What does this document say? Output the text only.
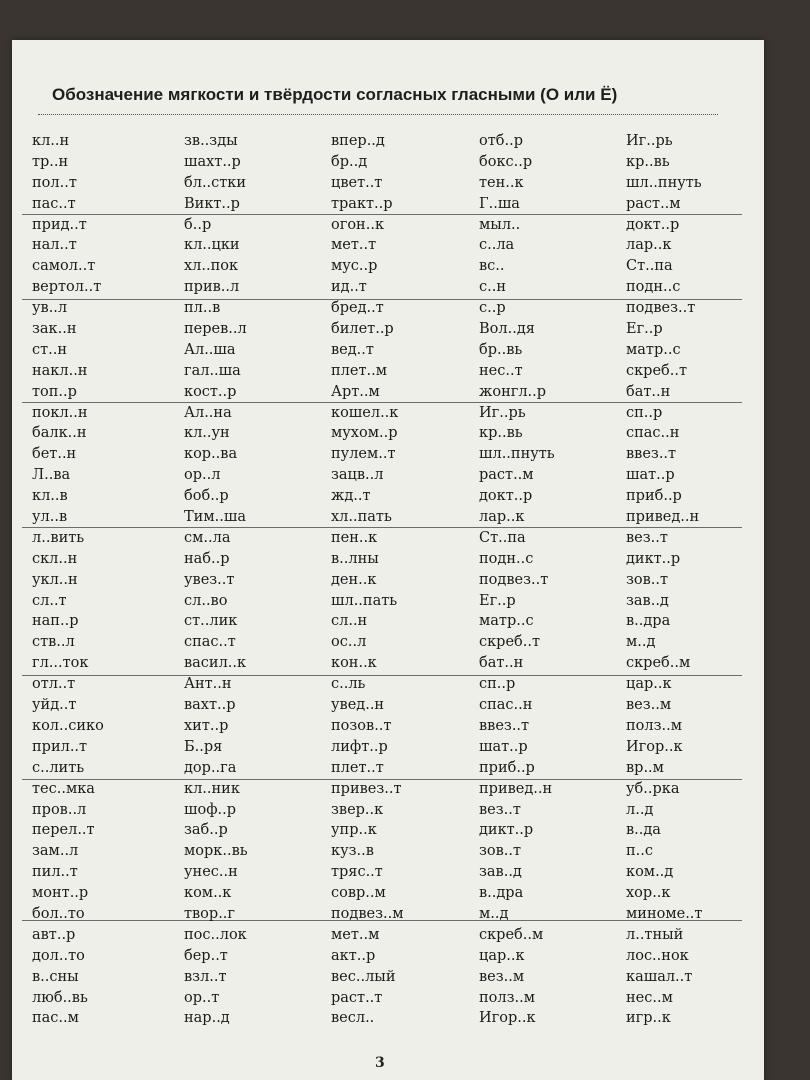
Обозначение мягкости и твёрдости согласных гласными (О или Ё)
кл..н
тр..н
пол..т
пас..т
прид..т
нал..т
самол..т
вертол..т
ув..л
зак..н
ст..н
накл..н
топ..р
покл..н
балк..н
бет..н
Л..ва
кл..в
ул..в
л..вить
скл..н
укл..н
сл..т
нап..р
ств..л
гл...ток
отл..т
уйд..т
кол..сико
прил..т
с..лить
тес..мка
пров..л
перел..т
зам..л
пил..т
монт..р
бол..то
авт..р
дол..то
в..сны
люб..вь
пас..м
зв..зды
шахт..р
бл..стки
Викт..р
б..р
кл..цки
хл..пок
прив..л
пл..в
перев..л
Ал..ша
гал..ша
кост..р
Ал..на
кл..ун
кор..ва
ор..л
боб..р
Тим..ша
см..ла
наб..р
увез..т
сл..во
ст..лик
спас..т
васил..к
Ант..н
вахт..р
хит..р
Б..ря
дор..га
кл..ник
шоф..р
заб..р
морк..вь
унес..н
ком..к
твор..г
пос..лок
бер..т
взл..т
ор..т
нар..д
впер..д
бр..д
цвет..т
тракт..р
огон..к
мет..т
мус..р
ид..т
бред..т
билет..р
вед..т
плет..м
Арт..м
кошел..к
мухом..р
пулем..т
зацв..л
жд..т
хл..пать
пен..к
в..лны
ден..к
шл..пать
сл..н
ос..л
кон..к
с..ль
увед..н
позов..т
лифт..р
плет..т
привез..т
звер..к
упр..к
куз..в
тряс..т
совр..м
подвез..м
мет..м
акт..р
вес..лый
раст..т
весл..
отб..р
бокс..р
тен..к
Г..ша
мыл..
с..ла
вс..
с..н
с..р
Вол..дя
бр..вь
нес..т
жонгл..р
Иг..рь
кр..вь
шл..пнуть
раст..м
докт..р
лар..к
Ст..па
подн..с
подвез..т
Ег..р
матр..с
скреб..т
бат..н
сп..р
спас..н
ввез..т
шат..р
приб..р
привед..н
вез..т
дикт..р
зов..т
зав..д
в..дра
м..д
скреб..м
цар..к
вез..м
полз..м
Игор..к
Иг..рь
кр..вь
шл..пнуть
раст..м
докт..р
лар..к
Ст..па
подн..с
подвез..т
Ег..р
матр..с
скреб..т
бат..н
сп..р
спас..н
ввез..т
шат..р
приб..р
привед..н
вез..т
дикт..р
зов..т
зав..д
в..дра
м..д
скреб..м
цар..к
вез..м
полз..м
Игор..к
вр..м
уб..рка
л..д
в..да
п..с
ком..д
хор..к
миноме..т
л..тный
лос..нок
кашал..т
нес..м
игр..к
3
